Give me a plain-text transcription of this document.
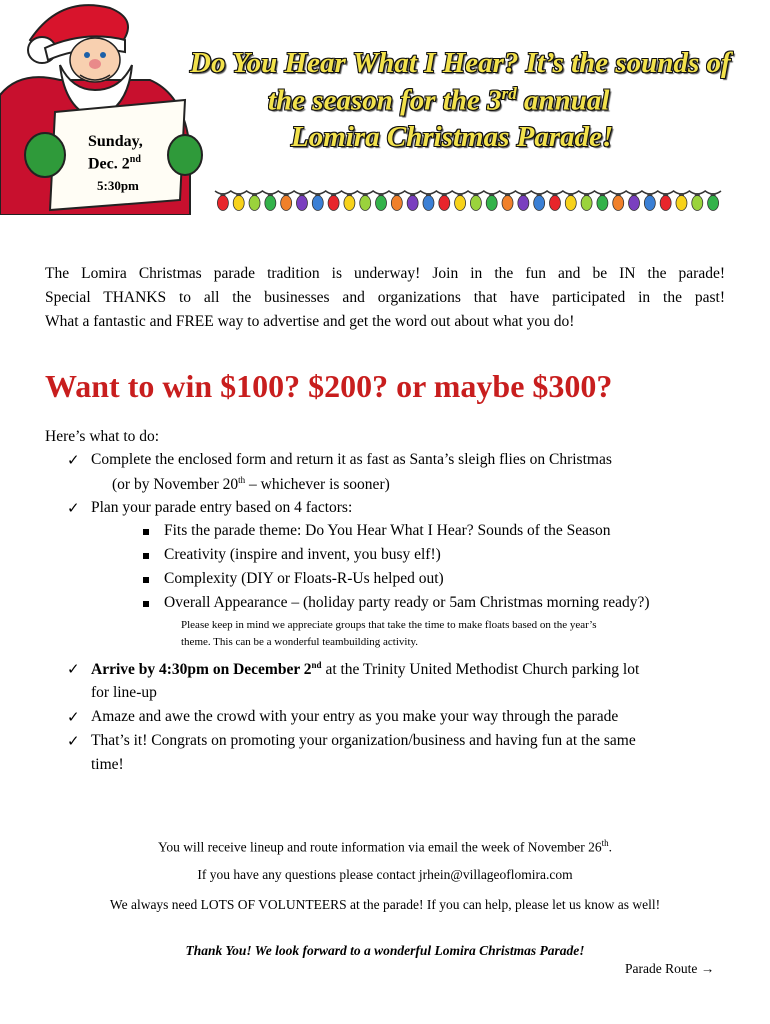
Sunday,
Dec. 2nd
5:30pm
Do You Hear What I Hear? It’s the sounds of
the season for the 3rd annual
Lomira Christmas Parade!
The Lomira Christmas parade tradition is underway! Join in the fun and be IN the parade!
Special THANKS to all the businesses and organizations that have participated in the past!
What a fantastic and FREE way to advertise and get the word out about what you do!
Want to win $100? $200? or maybe $300?
Here’s what to do:
✓ Complete the enclosed form and return it as fast as Santa’s sleigh flies on Christmas
(or by November 20th – whichever is sooner)
✓ Plan your parade entry based on 4 factors:
Fits the parade theme: Do You Hear What I Hear? Sounds of the Season
Creativity (inspire and invent, you busy elf!)
Complexity (DIY or Floats-R-Us helped out)
Overall Appearance – (holiday party ready or 5am Christmas morning ready?)
Please keep in mind we appreciate groups that take the time to make floats based on the year’s
theme. This can be a wonderful teambuilding activity.
✓ Arrive by 4:30pm on December 2nd at the Trinity United Methodist Church parking lot
for line-up
✓ Amaze and awe the crowd with your entry as you make your way through the parade
✓ That’s it! Congrats on promoting your organization/business and having fun at the same
time!
You will receive lineup and route information via email the week of November 26th.
If you have any questions please contact jrhein@villageoflomira.com
We always need LOTS OF VOLUNTEERS at the parade! If you can help, please let us know as well!
Thank You! We look forward to a wonderful Lomira Christmas Parade!
Parade Route →
